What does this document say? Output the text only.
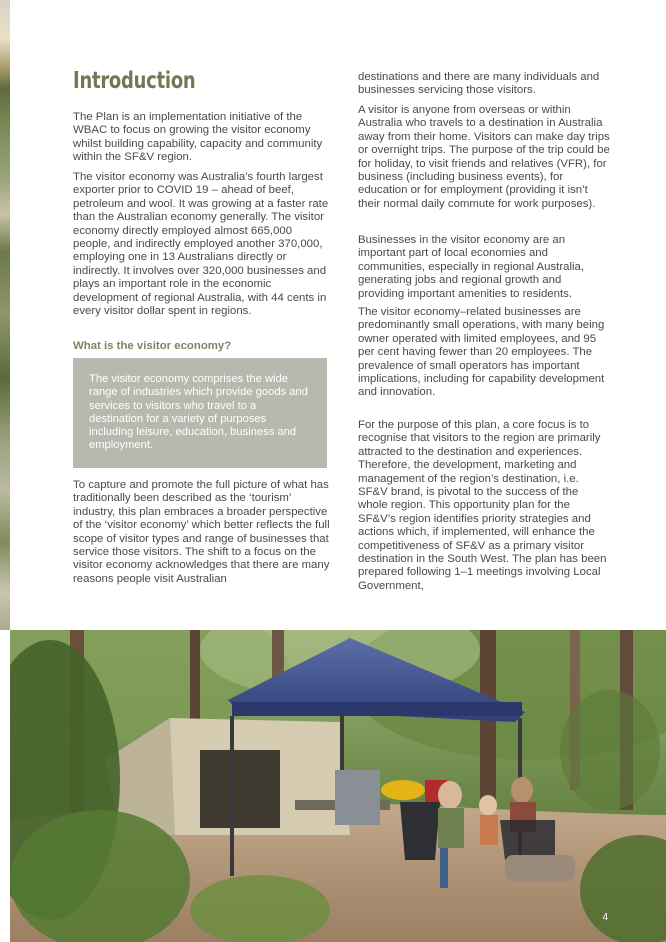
Introduction

The Plan is an implementation initiative of the WBAC to focus on growing the visitor economy whilst building capability, capacity and community within the SF&V region.

The visitor economy was Australia’s fourth largest exporter prior to COVID 19 – ahead of beef, petroleum and wool. It was growing at a faster rate than the Australian economy generally. The visitor economy directly employed almost 665,000 people, and indirectly employed another 370,000, employing one in 13 Australians directly or indirectly. It involves over 320,000 businesses and plays an important role in the economic development of regional Australia, with 44 cents in every visitor dollar spent in regions.

What is the visitor economy?

To capture and promote the full picture of what has traditionally been described as the ‘tourism’ industry, this plan embraces a broader perspective of the ‘visitor economy’ which better reflects the full scope of visitor types and range of businesses that service those visitors. The shift to a focus on the visitor economy acknowledges that there are many reasons people visit Australian

The visitor economy comprises the wide range of industries which provide goods and services to visitors who travel to a destination for a variety of purposes including leisure, education, business and employment.

destinations and there are many individuals and businesses servicing those visitors.

A visitor is anyone from overseas or within Australia who travels to a destination in Australia away from their home. Visitors can make day trips or overnight trips. The purpose of the trip could be for holiday, to visit friends and relatives (VFR), for business (including business events), for education or for employment (providing it isn’t their normal daily commute for work purposes).

Businesses in the visitor economy are an important part of local economies and communities, especially in regional Australia, generating jobs and regional growth and providing important amenities to residents.

The visitor economy–related businesses are predominantly small operations, with many being owner operated with limited employees, and 95 per cent having fewer than 20 employees. The prevalence of small operators has important implications, including for capability development and innovation.

For the purpose of this plan, a core focus is to recognise that visitors to the region are primarily attracted to the destination and experiences. Therefore, the development, marketing and management of the region’s destination, i.e. SF&V brand, is pivotal to the success of the whole region. This opportunity plan for the SF&V’s region identifies priority strategies and actions which, if implemented, will enhance the competitiveness of SF&V as a primary visitor destination in the South West. The plan has been prepared following 1–1 meetings involving Local Government,

4
